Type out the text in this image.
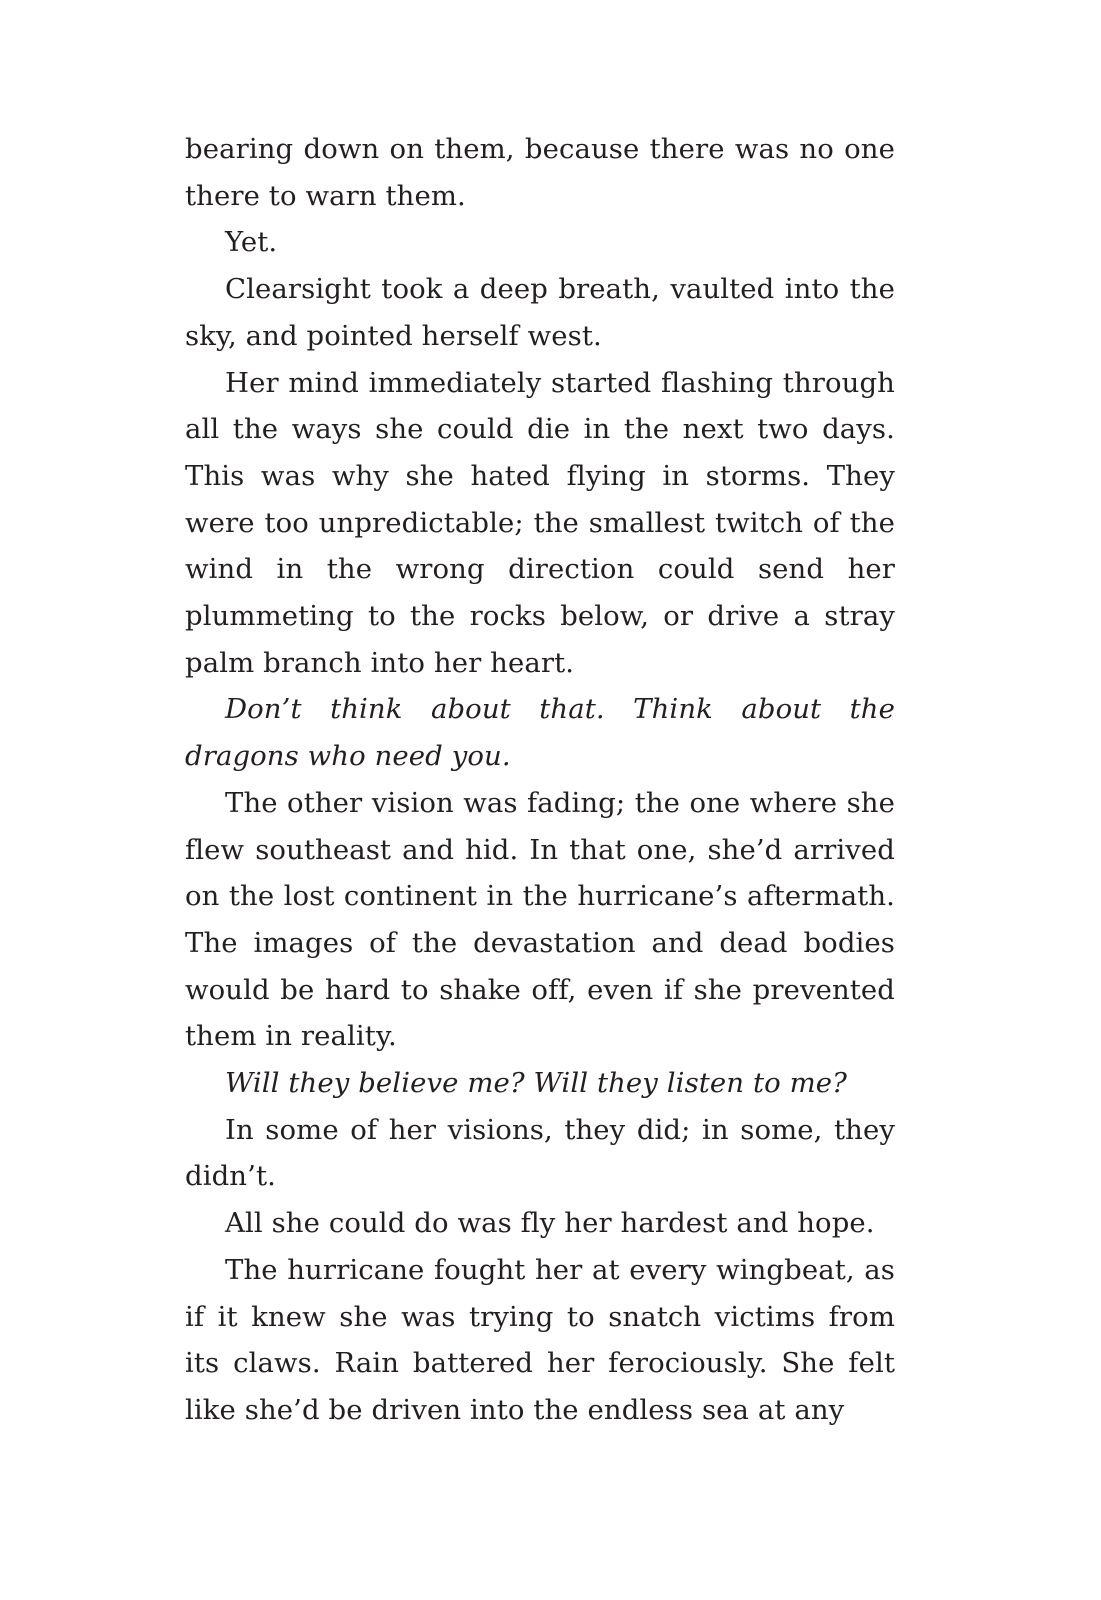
bearing down on them, because there was no one there to warn them.

Yet.

Clearsight took a deep breath, vaulted into the sky, and pointed herself west.

Her mind immediately started flashing through all the ways she could die in the next two days. This was why she hated flying in storms. They were too unpredictable; the smallest twitch of the wind in the wrong direction could send her plummeting to the rocks below, or drive a stray palm branch into her heart.

Don’t think about that. Think about the dragons who need you.

The other vision was fading; the one where she flew southeast and hid. In that one, she’d arrived on the lost continent in the hurricane’s aftermath. The images of the devastation and dead bodies would be hard to shake off, even if she prevented them in reality.

Will they believe me? Will they listen to me?

In some of her visions, they did; in some, they didn’t.

All she could do was fly her hardest and hope.

The hurricane fought her at every wingbeat, as if it knew she was trying to snatch victims from its claws. Rain battered her ferociously. She felt like she’d be driven into the endless sea at any
